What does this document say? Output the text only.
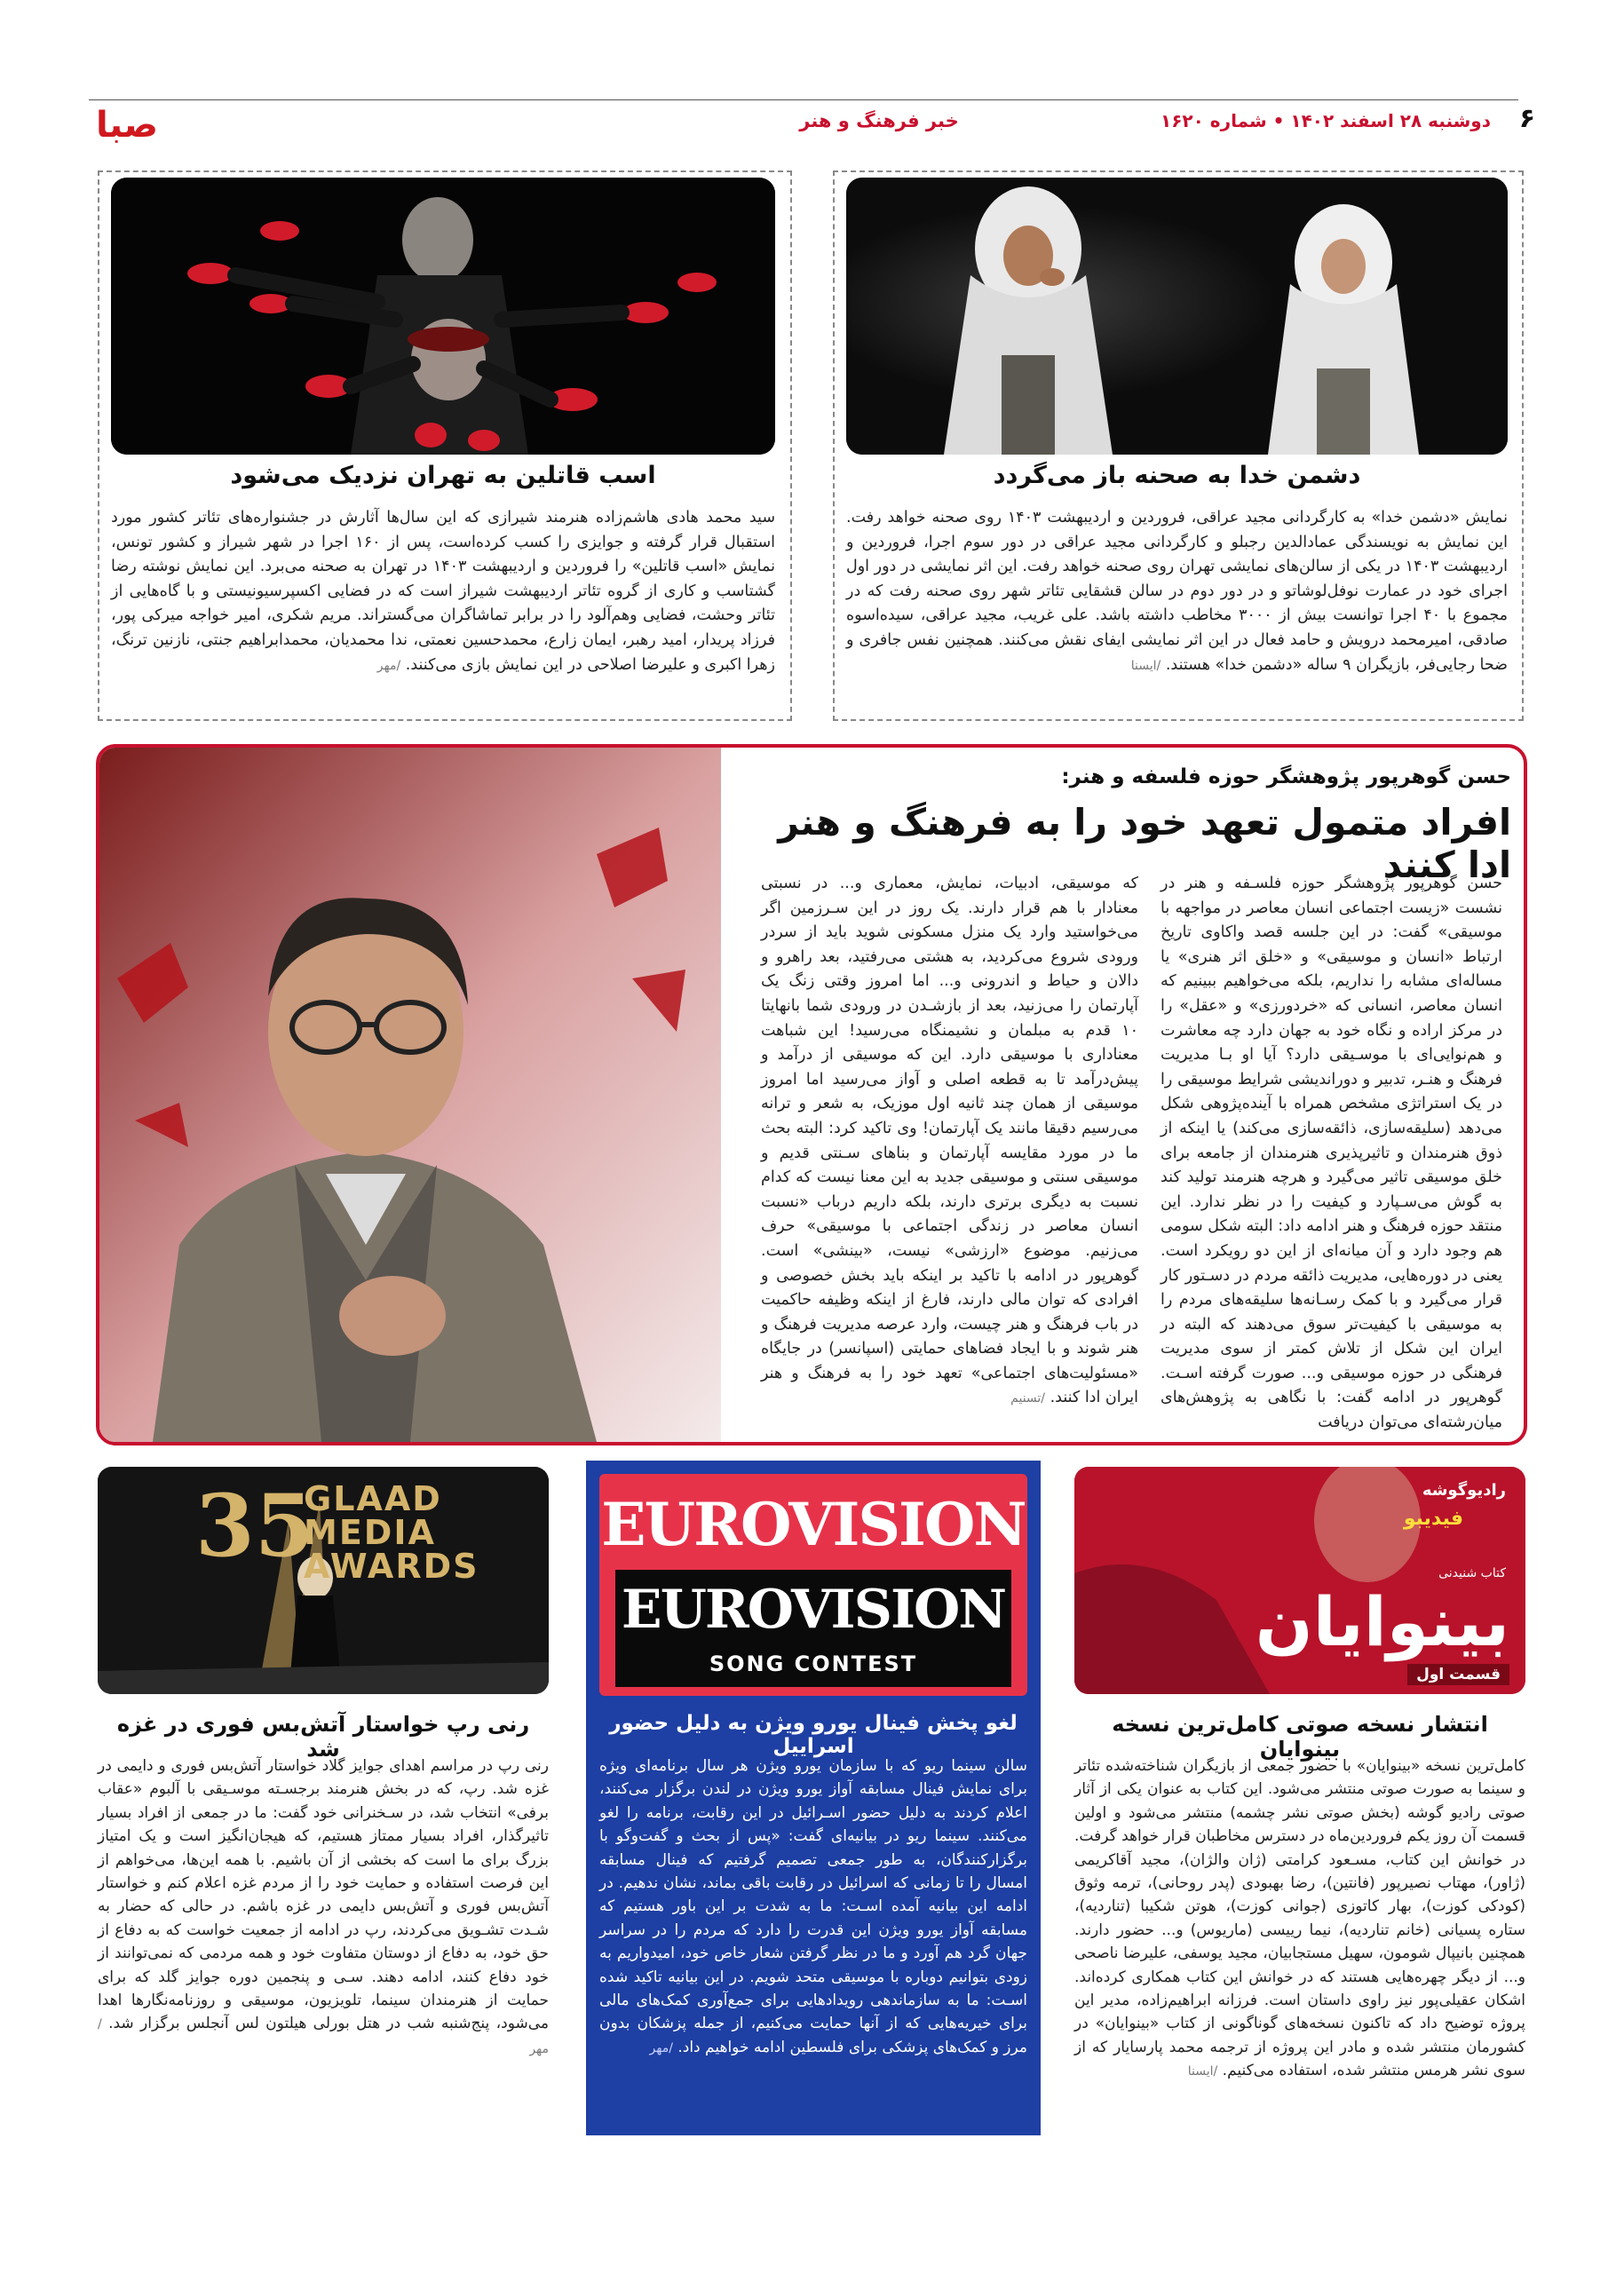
صبا	خبر فرهنگ و هنر	دوشنبه ۲۸ اسفند ۱۴۰۲ • شماره ۱۶۲۰ ۶
دشمن خدا به صحنه باز می‌گردد
نمایش «دشمن خدا» به کارگردانی مجید عراقی، فروردین و اردیبهشت ۱۴۰۳ روی صحنه خواهد رفت. این نمایش به نویسندگی عمادالدین رجبلو و کارگردانی مجید عراقی در دور سوم اجرا، فروردین و اردیبهشت ۱۴۰۳ در یکی از سالن‌های نمایشی تهران روی صحنه خواهد رفت. این اثر نمایشی در دور اول اجرای خود در عمارت نوفل‌لوشاتو و در دور دوم در سالن قشقایی تئاتر شهر روی صحنه رفت که در مجموع با ۴۰ اجرا توانست بیش از ۳۰۰۰ مخاطب داشته باشد. علی غریب، مجید عراقی، سیده‌اسوه صادقی، امیرمحمد درویش و حامد فعال در این اثر نمایشی ایفای نقش می‌کنند. همچنین نفس جافری و ضحا رجایی‌فر، بازیگران ۹ ساله «دشمن خدا» هستند. /ایسنا
اسب قاتلین به تهران نزدیک می‌شود
سید محمد هادی هاشم‌زاده هنرمند شیرازی که این سال‌ها آثارش در جشنواره‌های تئاتر کشور مورد استقبال قرار گرفته و جوایزی را کسب کرده‌است، پس از ۱۶۰ اجرا در شهر شیراز و کشور تونس، نمایش «اسب قاتلین» را فروردین و اردیبهشت ۱۴۰۳ در تهران به صحنه می‌برد. این نمایش نوشته رضا گشتاسب و کاری از گروه تئاتر اردیبهشت شیراز است که در فضایی اکسپرسیونیستی و با گاه‌هایی از تئاتر وحشت، فضایی وهم‌آلود را در برابر تماشاگران می‌گستراند. مریم شکری، امیر خواجه میرکی پور، فرزاد پریدار، امید رهبر، ایمان زارع، محمدحسین نعمتی، ندا محمدیان، محمدابراهیم جنتی، نازنین ترنگ، زهرا اکبری و علیرضا اصلاحی در این نمایش بازی می‌کنند. /مهر
حسن گوهرپور پژوهشگر حوزه فلسفه و هنر:
افراد متمول تعهد خود را به فرهنگ و هنر ادا کنند
حسن گوهرپور پژوهشگر حوزه فلسـفه و هنر در نشست «زیست اجتماعی انسان معاصر در مواجهه با موسیقی» گفت: در این جلسه قصد واکاوی تاریخ ارتباط «انسان و موسیقی» و «خلق اثر هنری» یا مساله‌ای مشابه را نداریم، بلکه می‌خواهیم ببینیم که انسان معاصر، انسانی که «خردورزی» و «عقل» را در مرکز اراده و نگاه خود به جهان دارد چه معاشرت و هم‌نوایی‌ای با موسـیقی دارد؟ آیا او بـا مدیریت فرهنگ و هنـر، تدبیر و دوراندیشی شرایط موسیقی را در یک استراتژی مشخص همراه با آینده‌پژوهی شکل می‌دهد (سلیقه‌سازی، ذائقه‌سازی می‌کند) یا اینکه از ذوق هنرمندان و تاثیرپذیری هنرمندان از جامعه برای خلق موسیقی تاثیر می‌گیرد و هرچه هنرمند تولید کند به گوش می‌سـپارد و کیفیت را در نظر ندارد. این منتقد حوزه فرهنگ و هنر ادامه داد: البته شکل سومی هم وجود دارد و آن میانه‌ای از این دو رویکرد است. یعنی در دوره‌هایی، مدیریت ذائقه مردم در دسـتور کار قرار می‌گیرد و با کمک رسـانه‌ها سلیقه‌های مردم را به موسیقی با کیفیت‌تر سوق می‌دهند که البته در ایران این شکل از تلاش کمتر از سوی مدیریت فرهنگی در حوزه موسیقی و... صورت گرفته اسـت. گوهرپور در ادامه گفت: با نگاهی به پژوهش‌های میان‌رشته‌ای می‌توان دریافت
که موسیقی، ادبیات، نمایش، معماری و... در نسبتی معنادار با هم قرار دارند. یک روز در این سـرزمین اگر می‌خواستید وارد یک منزل مسکونی شوید باید از سردر ورودی شروع می‌کردید، به هشتی می‌رفتید، بعد راهرو و دالان و حیاط و اندرونی و... اما امروز وقتی زنگ یک آپارتمان را می‌زنید، بعد از بازشـدن در ورودی شما بانهایتا ۱۰ قدم به مبلمان و نشیمنگاه می‌رسید! این شباهت معناداری با موسیقی دارد. این که موسیقی از درآمد و پیش‌درآمد تا به قطعه اصلی و آواز می‌رسید اما امروز موسیقی از همان چند ثانیه اول موزیک، به شعر و ترانه می‌رسیم دقیقا مانند یک آپارتمان! وی تاکید کرد: البته بحث ما در مورد مقایسه آپارتمان و بناهای سـنتی قدیم و موسیقی سنتی و موسیقی جدید به این معنا نیست که کدام نسبت به دیگری برتری دارند، بلکه داریم درباب «نسبت انسان معاصر در زندگی اجتماعی با موسیقی» حرف می‌زنیم. موضوع «ارزشی» نیست، «بینشی» است. گوهرپور در ادامه با تاکید بر اینکه باید بخش خصوصی و افرادی که توان مالی دارند، فارغ از اینکه وظیفه حاکمیت در باب فرهنگ و هنر چیست، وارد عرصه مدیریت فرهنگ و هنر شوند و با ایجاد فضاهای حمایتی (اسپانسر) در جایگاه «مسئولیت‌های اجتماعی» تعهد خود را به فرهنگ و هنر ایران ادا کنند. /تسنیم
رادیوگوشه
فیدیبو
کتاب شنیدنی
بینوایان
قسمت اول
انتشار نسخه صوتی کامل‌ترین نسخه بینوایان
کامل‌ترین نسخه «بینوایان» با حضور جمعی از بازیگران شناخته‌شده تئاتر و سینما به صورت صوتی منتشر می‌شود. این کتاب به عنوان یکی از آثار صوتی رادیو گوشه (بخش صوتی نشر چشمه) منتشر می‌شود و اولین قسمت آن روز یکم فروردین‌ماه در دسترس مخاطبان قرار خواهد گرفت. در خوانش این کتاب، مسـعود کرامتی (ژان والژان)، مجید آقاکریمی (ژاور)، مهتاب نصیرپور (فانتین)، رضا بهبودی (پدر روحانی)، ترمه وثوق (کودکی کوزت)، بهار کاتوزی (جوانی کوزت)، هوتن شکیبا (تناردیه)، ستاره پسیانی (خانم تناردیه)، نیما رییسی (ماریوس) و... حضور دارند. همچنین بانیپال شومون، سهیل مستجابیان، مجید یوسفی، علیرضا ناصحی و... از دیگر چهره‌هایی هستند که در خوانش این کتاب همکاری کرده‌اند. اشکان عقیلی‌پور نیز راوی داستان است. فرزانه ابراهیم‌زاده، مدیر این پروژه توضیح داد که تاکنون نسخه‌های گوناگونی از کتاب «بینوایان» در کشورمان منتشر شده و مادر این پروژه از ترجمه محمد پارسایار که از سوی نشر هرمس منتشر شده، استفاده می‌کنیم. /ایسنا
EUROVISION
EUROVISION
SONG CONTEST
لغو پخش فینال یورو ویژن به دلیل حضور اسراییل
سالن سینما ریو که با سازمان یورو ویژن هر سال برنامه‌ای ویژه برای نمایش فینال مسابقه آواز یورو ویژن در لندن برگزار می‌کنند، اعلام کردند به دلیل حضور اسـرائیل در این رقابت، برنامه را لغو می‌کنند. سینما ریو در بیانیه‌ای گفت: «پس از بحث و گفت‌وگو با برگزارکنندگان، به طور جمعی تصمیم گرفتیم که فینال مسابقه امسال را تا زمانی که اسرائیل در رقابت باقی بماند، نشان ندهیم. در ادامه این بیانیه آمده اسـت: ما به شدت بر این باور هستیم که مسابقه آواز یورو ویژن این قدرت را دارد که مردم را در سراسر جهان گرد هم آورد و ما در نظر گرفتن شعار خاص خود، امیدواریم به زودی بتوانیم دوباره با موسیقی متحد شویم. در این بیانیه تاکید شده اسـت: ما به سازماندهی رویدادهایی برای جمع‌آوری کمک‌های مالی برای خیریه‌هایی که از آنها حمایت می‌کنیم، از جمله پزشکان بدون مرز و کمک‌های پزشکی برای فلسطین ادامه خواهیم داد. /مهر
35
GLAAD
MEDIA
AWARDS
رنی رپ خواستار آتش‌بس فوری در غزه شد
رنی رپ در مراسم اهدای جوایز گلاد خواستار آتش‌بس فوری و دایمی در غزه شد. رپ، که در بخش هنرمند برجسـته موسـیقی با آلبوم «عقاب برفی» انتخاب شد، در سـخنرانی خود گفت: ما در جمعی از افراد بسیار تاثیرگذار، افراد بسیار ممتاز هستیم، که هیجان‌انگیز است و یک امتیاز بزرگ برای ما است که بخشی از آن باشیم. با همه این‌ها، می‌خواهم از این فرصت استفاده و حمایت خود را از مردم غزه اعلام کنم و خواستار آتش‌بس فوری و آتش‌بس دایمی در غزه باشم. در حالی که حضار به شـدت تشـویق می‌کردند، رپ در ادامه از جمعیت خواست که به دفاع از حق خود، به دفاع از دوستان متفاوت خود و همه مردمی که نمی‌توانند از خود دفاع کنند، ادامه دهند. سـی و پنجمین دوره جوایز گلد که برای حمایت از هنرمندان سینما، تلویزیون، موسیقی و روزنامه‌نگارها اهدا می‌شود، پنج‌شنبه شب در هتل بورلی هیلتون لس آنجلس برگزار شد. /مهر
